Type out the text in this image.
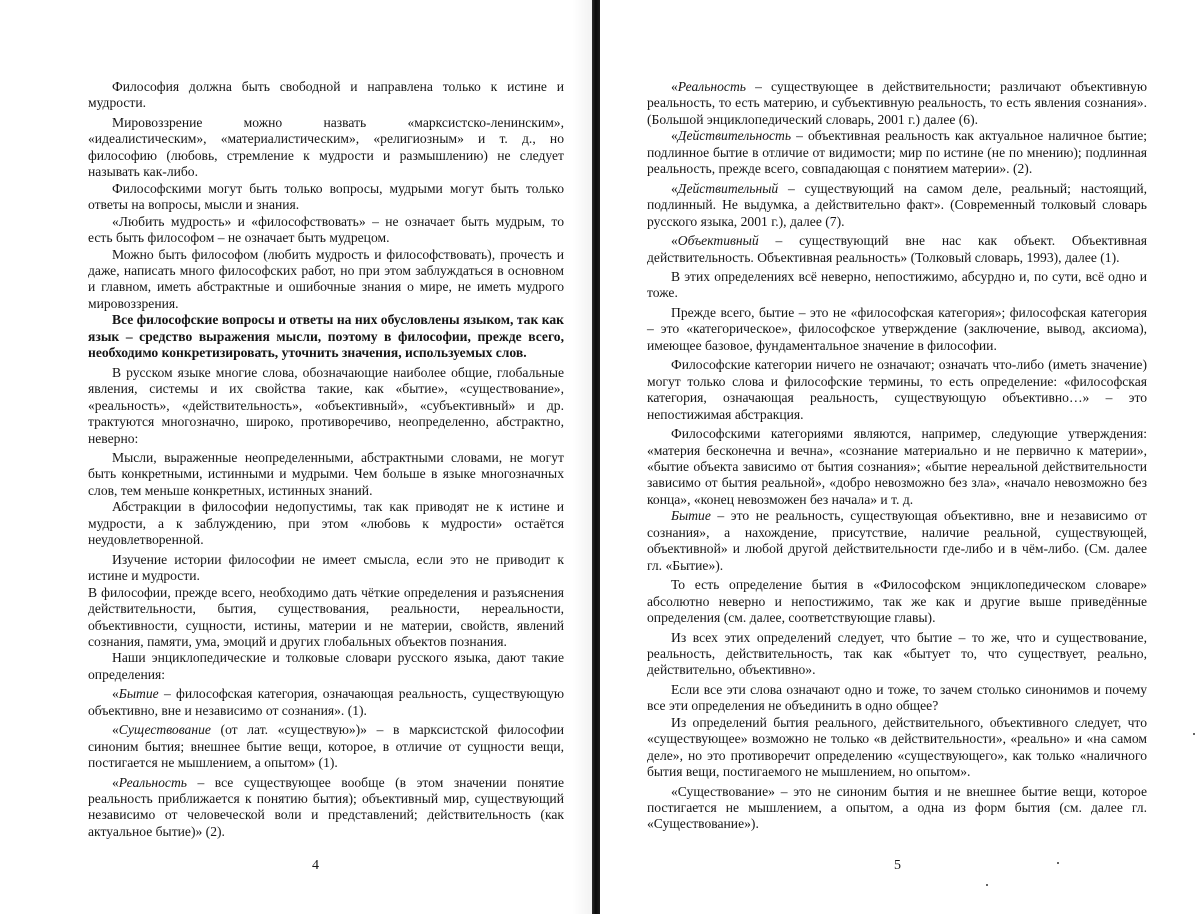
Философия должна быть свободной и направлена только к истине и мудрости.

Мировоззрение можно назвать «марксистско-ленинским», «идеалистическим», «материалистическим», «религиозным» и т. д., но философию (любовь, стремление к мудрости и размышлению) не следует называть как-либо.

Философскими могут быть только вопросы, мудрыми могут быть только ответы на вопросы, мысли и знания.

«Любить мудрость» и «философствовать» – не означает быть мудрым, то есть быть философом – не означает быть мудрецом.

Можно быть философом (любить мудрость и философствовать), прочесть и даже, написать много философских работ, но при этом заблуждаться в основном и главном, иметь абстрактные и ошибочные знания о мире, не иметь мудрого мировоззрения.

Все философские вопросы и ответы на них обусловлены языком, так как язык – средство выражения мысли, поэтому в философии, прежде всего, необходимо конкретизировать, уточнить значения, используемых слов.

В русском языке многие слова, обозначающие наиболее общие, глобальные явления, системы и их свойства такие, как «бытие», «существование», «реальность», «действительность», «объективный», «субъективный» и др. трактуются многозначно, широко, противоречиво, неопределенно, абстрактно, неверно:

Мысли, выраженные неопределенными, абстрактными словами, не могут быть конкретными, истинными и мудрыми. Чем больше в языке многозначных слов, тем меньше конкретных, истинных знаний.

Абстракции в философии недопустимы, так как приводят не к истине и мудрости, а к заблуждению, при этом «любовь к мудрости» остаётся неудовлетворенной.

Изучение истории философии не имеет смысла, если это не приводит к истине и мудрости.

В философии, прежде всего, необходимо дать чёткие определения и разъяснения действительности, бытия, существования, реальности, нереальности, объективности, сущности, истины, материи и не материи, свойств, явлений сознания, памяти, ума, эмоций и других глобальных объектов познания.

Наши энциклопедические и толковые словари русского языка, дают такие определения:

«Бытие – философская категория, означающая реальность, существующую объективно, вне и независимо от сознания». (1).

«Существование (от лат. «существую»)» – в марксистской философии синоним бытия; внешнее бытие вещи, которое, в отличие от сущности вещи, постигается не мышлением, а опытом» (1).

«Реальность – все существующее вообще (в этом значении понятие реальность приближается к понятию бытия); объективный мир, существующий независимо от человеческой воли и представлений; действительность (как актуальное бытие)» (2).

4

«Реальность – существующее в действительности; различают объективную реальность, то есть материю, и субъективную реальность, то есть явления сознания». (Большой энциклопедический словарь, 2001 г.) далее (6).

«Действительность – объективная реальность как актуальное наличное бытие; подлинное бытие в отличие от видимости; мир по истине (не по мнению); подлинная реальность, прежде всего, совпадающая с понятием материи». (2).

«Действительный – существующий на самом деле, реальный; настоящий, подлинный. Не выдумка, а действительно факт». (Современный толковый словарь русского языка, 2001 г.), далее (7).

«Объективный – существующий вне нас как объект. Объективная действительность. Объективная реальность» (Толковый словарь, 1993), далее (1).

В этих определениях всё неверно, непостижимо, абсурдно и, по сути, всё одно и тоже.

Прежде всего, бытие – это не «философская категория»; философская категория – это «категорическое», философское утверждение (заключение, вывод, аксиома), имеющее базовое, фундаментальное значение в философии.

Философские категории ничего не означают; означать что-либо (иметь значение) могут только слова и философские термины, то есть определение: «философская категория, означающая реальность, существующую объективно…» – это непостижимая абстракция.

Философскими категориями являются, например, следующие утверждения: «материя бесконечна и вечна», «сознание материально и не первично к материи», «бытие объекта зависимо от бытия сознания»; «бытие нереальной действительности зависимо от бытия реальной», «добро невозможно без зла», «начало невозможно без конца», «конец невозможен без начала» и т. д.

Бытие – это не реальность, существующая объективно, вне и независимо от сознания», а нахождение, присутствие, наличие реальной, существующей, объективной» и любой другой действительности где-либо и в чём-либо. (См. далее гл. «Бытие»).

То есть определение бытия в «Философском энциклопедическом словаре» абсолютно неверно и непостижимо, так же как и другие выше приведённые определения (см. далее, соответствующие главы).

Из всех этих определений следует, что бытие – то же, что и существование, реальность, действительность, так как «бытует то, что существует, реально, действительно, объективно».

Если все эти слова означают одно и тоже, то зачем столько синонимов и почему все эти определения не объединить в одно общее?

Из определений бытия реального, действительного, объективного следует, что «существующее» возможно не только «в действительности», «реально» и «на самом деле», но это противоречит определению «существующего», как только «наличного бытия вещи, постигаемого не мышлением, но опытом».

«Существование» – это не синоним бытия и не внешнее бытие вещи, которое постигается не мышлением, а опытом, а одна из форм бытия (см. далее гл. «Существование»).

5
